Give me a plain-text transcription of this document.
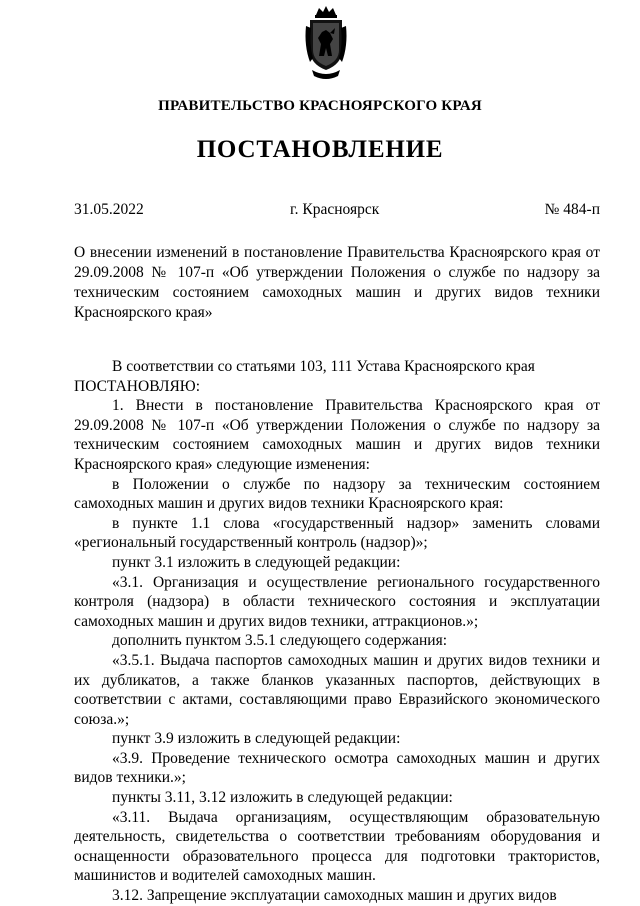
ПРАВИТЕЛЬСТВО КРАСНОЯРСКОГО КРАЯ
ПОСТАНОВЛЕНИЕ
31.05.2022	г. Красноярск	№ 484-п
О внесении изменений в постановление Правительства Красноярского края от 29.09.2008 № 107-п «Об утверждении Положения о службе по надзору за техническим состоянием самоходных машин и других видов техники Красноярского края»

В соответствии со статьями 103, 111 Устава Красноярского края

ПОСТАНОВЛЯЮ:

1. Внести в постановление Правительства Красноярского края от 29.09.2008 № 107-п «Об утверждении Положения о службе по надзору за техническим состоянием самоходных машин и других видов техники Красноярского края» следующие изменения:

в Положении о службе по надзору за техническим состоянием самоходных машин и других видов техники Красноярского края:

в пункте 1.1 слова «государственный надзор» заменить словами «региональный государственный контроль (надзор)»;

пункт 3.1 изложить в следующей редакции:

«3.1. Организация и осуществление регионального государственного контроля (надзора) в области технического состояния и эксплуатации самоходных машин и других видов техники, аттракционов.»;

дополнить пунктом 3.5.1 следующего содержания:

«3.5.1. Выдача паспортов самоходных машин и других видов техники и их дубликатов, а также бланков указанных паспортов, действующих в соответствии с актами, составляющими право Евразийского экономического союза.»;

пункт 3.9 изложить в следующей редакции:

«3.9. Проведение технического осмотра самоходных машин и других видов техники.»;

пункты 3.11, 3.12 изложить в следующей редакции:

«3.11. Выдача организациям, осуществляющим образовательную деятельность, свидетельства о соответствии требованиям оборудования и оснащенности образовательного процесса для подготовки трактористов, машинистов и водителей самоходных машин.

3.12. Запрещение эксплуатации самоходных машин и других видов
